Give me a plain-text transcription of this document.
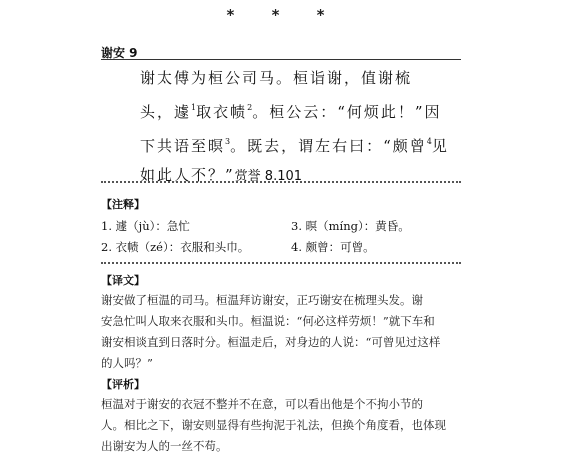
* * *
谢安 9
谢太傅为桓公司马。桓诣谢，值谢梳
头，遽$^1$取衣帻$^2$。桓公云：“何烦此！”因
下共语至暝$^3$。既去，谓左右曰：“颇曾$^4$见
如此人不？”赏誉 8.101
【注释】
1. 遽（jù）：急忙	3. 暝（míng）：黄昏。
2. 衣帻（zé）：衣服和头巾。	4. 颇曾：可曾。
【译文】
谢安做了桓温的司马。桓温拜访谢安，正巧谢安在梳理头发。谢
安急忙叫人取来衣服和头巾。桓温说：“何必这样劳烦！”就下车和
谢安相谈直到日落时分。桓温走后，对身边的人说：“可曾见过这样
的人吗？”
【评析】
桓温对于谢安的衣冠不整并不在意，可以看出他是个不拘小节的
人。相比之下，谢安则显得有些拘泥于礼法，但换个角度看，也体现
出谢安为人的一丝不苟。
